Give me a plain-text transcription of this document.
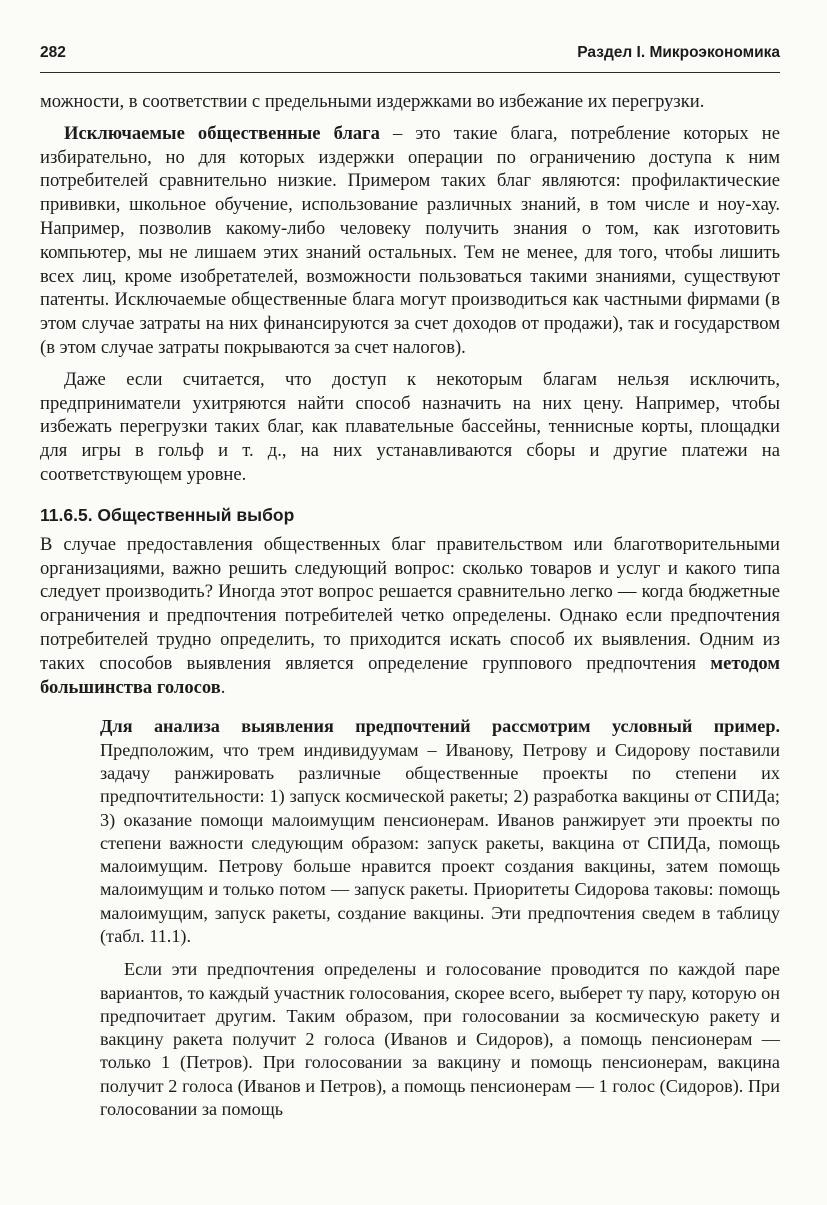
282	Раздел I. Микроэкономика

можности, в соответствии с предельными издержками во избежание их перегрузки.

Исключаемые общественные блага – это такие блага, потребление которых не избирательно, но для которых издержки операции по ограничению доступа к ним потребителей сравнительно низкие. Примером таких благ являются: профилактические прививки, школьное обучение, использование различных знаний, в том числе и ноу-хау. Например, позволив какому-либо человеку получить знания о том, как изготовить компьютер, мы не лишаем этих знаний остальных. Тем не менее, для того, чтобы лишить всех лиц, кроме изобретателей, возможности пользоваться такими знаниями, существуют патенты. Исключаемые общественные блага могут производиться как частными фирмами (в этом случае затраты на них финансируются за счет доходов от продажи), так и государством (в этом случае затраты покрываются за счет налогов).

Даже если считается, что доступ к некоторым благам нельзя исключить, предприниматели ухитряются найти способ назначить на них цену. Например, чтобы избежать перегрузки таких благ, как плавательные бассейны, теннисные корты, площадки для игры в гольф и т. д., на них устанавливаются сборы и другие платежи на соответствующем уровне.

11.6.5. Общественный выбор

В случае предоставления общественных благ правительством или благотворительными организациями, важно решить следующий вопрос: сколько товаров и услуг и какого типа следует производить? Иногда этот вопрос решается сравнительно легко — когда бюджетные ограничения и предпочтения потребителей четко определены. Однако если предпочтения потребителей трудно определить, то приходится искать способ их выявления. Одним из таких способов выявления является определение группового предпочтения методом большинства голосов.

Для анализа выявления предпочтений рассмотрим условный пример. Предположим, что трем индивидуумам – Иванову, Петрову и Сидорову поставили задачу ранжировать различные общественные проекты по степени их предпочтительности: 1) запуск космической ракеты; 2) разработка вакцины от СПИДа; 3) оказание помощи малоимущим пенсионерам. Иванов ранжирует эти проекты по степени важности следующим образом: запуск ракеты, вакцина от СПИДа, помощь малоимущим. Петрову больше нравится проект создания вакцины, затем помощь малоимущим и только потом — запуск ракеты. Приоритеты Сидорова таковы: помощь малоимущим, запуск ракеты, создание вакцины. Эти предпочтения сведем в таблицу (табл. 11.1).

Если эти предпочтения определены и голосование проводится по каждой паре вариантов, то каждый участник голосования, скорее всего, выберет ту пару, которую он предпочитает другим. Таким образом, при голосовании за космическую ракету и вакцину ракета получит 2 голоса (Иванов и Сидоров), а помощь пенсионерам — только 1 (Петров). При голосовании за вакцину и помощь пенсионерам, вакцина получит 2 голоса (Иванов и Петров), а помощь пенсионерам — 1 голос (Сидоров). При голосовании за помощь
